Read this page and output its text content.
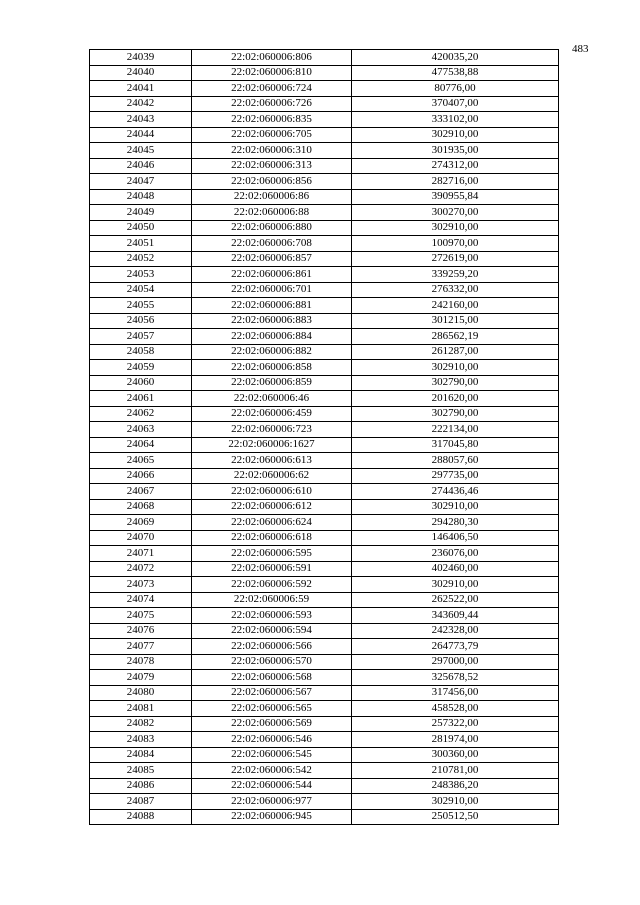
483
24039	22:02:060006:806	420035,20
24040	22:02:060006:810	477538,88
24041	22:02:060006:724	80776,00
24042	22:02:060006:726	370407,00
24043	22:02:060006:835	333102,00
24044	22:02:060006:705	302910,00
24045	22:02:060006:310	301935,00
24046	22:02:060006:313	274312,00
24047	22:02:060006:856	282716,00
24048	22:02:060006:86	390955,84
24049	22:02:060006:88	300270,00
24050	22:02:060006:880	302910,00
24051	22:02:060006:708	100970,00
24052	22:02:060006:857	272619,00
24053	22:02:060006:861	339259,20
24054	22:02:060006:701	276332,00
24055	22:02:060006:881	242160,00
24056	22:02:060006:883	301215,00
24057	22:02:060006:884	286562,19
24058	22:02:060006:882	261287,00
24059	22:02:060006:858	302910,00
24060	22:02:060006:859	302790,00
24061	22:02:060006:46	201620,00
24062	22:02:060006:459	302790,00
24063	22:02:060006:723	222134,00
24064	22:02:060006:1627	317045,80
24065	22:02:060006:613	288057,60
24066	22:02:060006:62	297735,00
24067	22:02:060006:610	274436,46
24068	22:02:060006:612	302910,00
24069	22:02:060006:624	294280,30
24070	22:02:060006:618	146406,50
24071	22:02:060006:595	236076,00
24072	22:02:060006:591	402460,00
24073	22:02:060006:592	302910,00
24074	22:02:060006:59	262522,00
24075	22:02:060006:593	343609,44
24076	22:02:060006:594	242328,00
24077	22:02:060006:566	264773,79
24078	22:02:060006:570	297000,00
24079	22:02:060006:568	325678,52
24080	22:02:060006:567	317456,00
24081	22:02:060006:565	458528,00
24082	22:02:060006:569	257322,00
24083	22:02:060006:546	281974,00
24084	22:02:060006:545	300360,00
24085	22:02:060006:542	210781,00
24086	22:02:060006:544	248386,20
24087	22:02:060006:977	302910,00
24088	22:02:060006:945	250512,50
